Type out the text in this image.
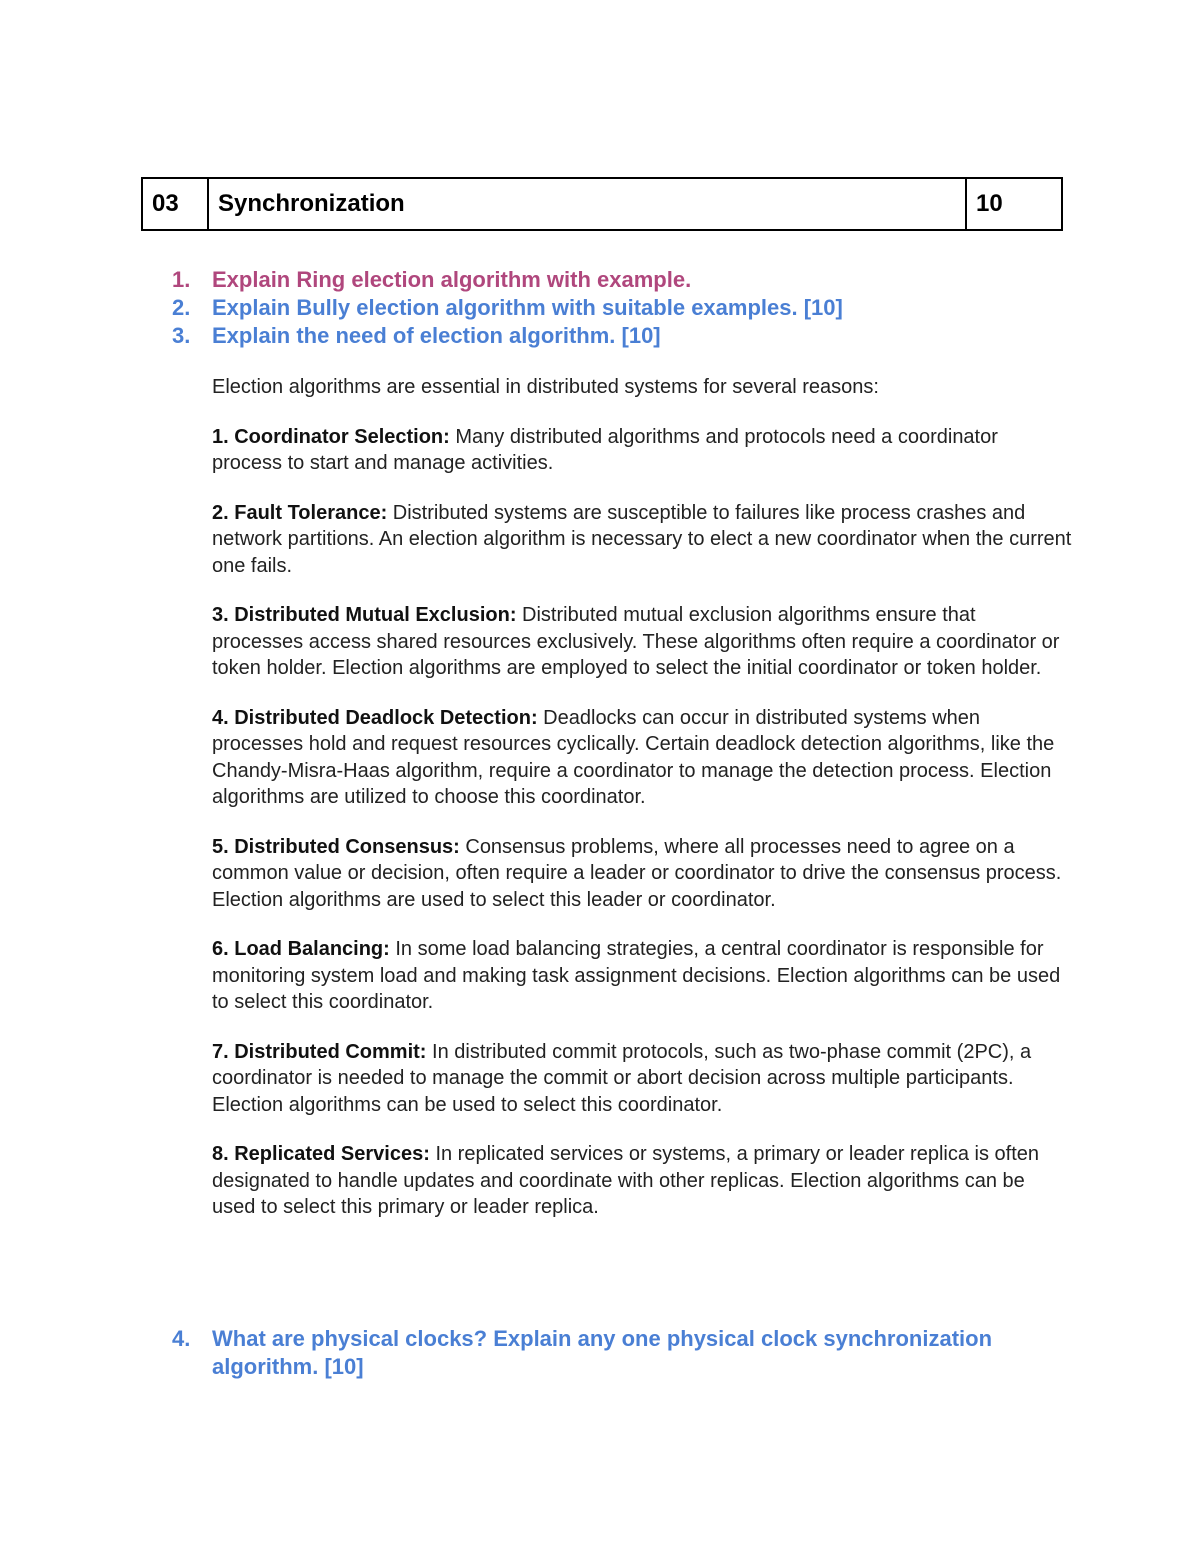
03	Synchronization	10
1. Explain Ring election algorithm with example.
2. Explain Bully election algorithm with suitable examples. [10]
3. Explain the need of election algorithm. [10]

Election algorithms are essential in distributed systems for several reasons:

1. Coordinator Selection: Many distributed algorithms and protocols need a coordinator process to start and manage activities.

2. Fault Tolerance: Distributed systems are susceptible to failures like process crashes and network partitions. An election algorithm is necessary to elect a new coordinator when the current one fails.

3. Distributed Mutual Exclusion: Distributed mutual exclusion algorithms ensure that processes access shared resources exclusively. These algorithms often require a coordinator or token holder. Election algorithms are employed to select the initial coordinator or token holder.

4. Distributed Deadlock Detection: Deadlocks can occur in distributed systems when processes hold and request resources cyclically. Certain deadlock detection algorithms, like the Chandy-Misra-Haas algorithm, require a coordinator to manage the detection process. Election algorithms are utilized to choose this coordinator.

5. Distributed Consensus: Consensus problems, where all processes need to agree on a common value or decision, often require a leader or coordinator to drive the consensus process. Election algorithms are used to select this leader or coordinator.

6. Load Balancing: In some load balancing strategies, a central coordinator is responsible for monitoring system load and making task assignment decisions. Election algorithms can be used to select this coordinator.

7. Distributed Commit: In distributed commit protocols, such as two-phase commit (2PC), a coordinator is needed to manage the commit or abort decision across multiple participants. Election algorithms can be used to select this coordinator.

8. Replicated Services: In replicated services or systems, a primary or leader replica is often designated to handle updates and coordinate with other replicas. Election algorithms can be used to select this primary or leader replica.

4. What are physical clocks? Explain any one physical clock synchronization algorithm. [10]
